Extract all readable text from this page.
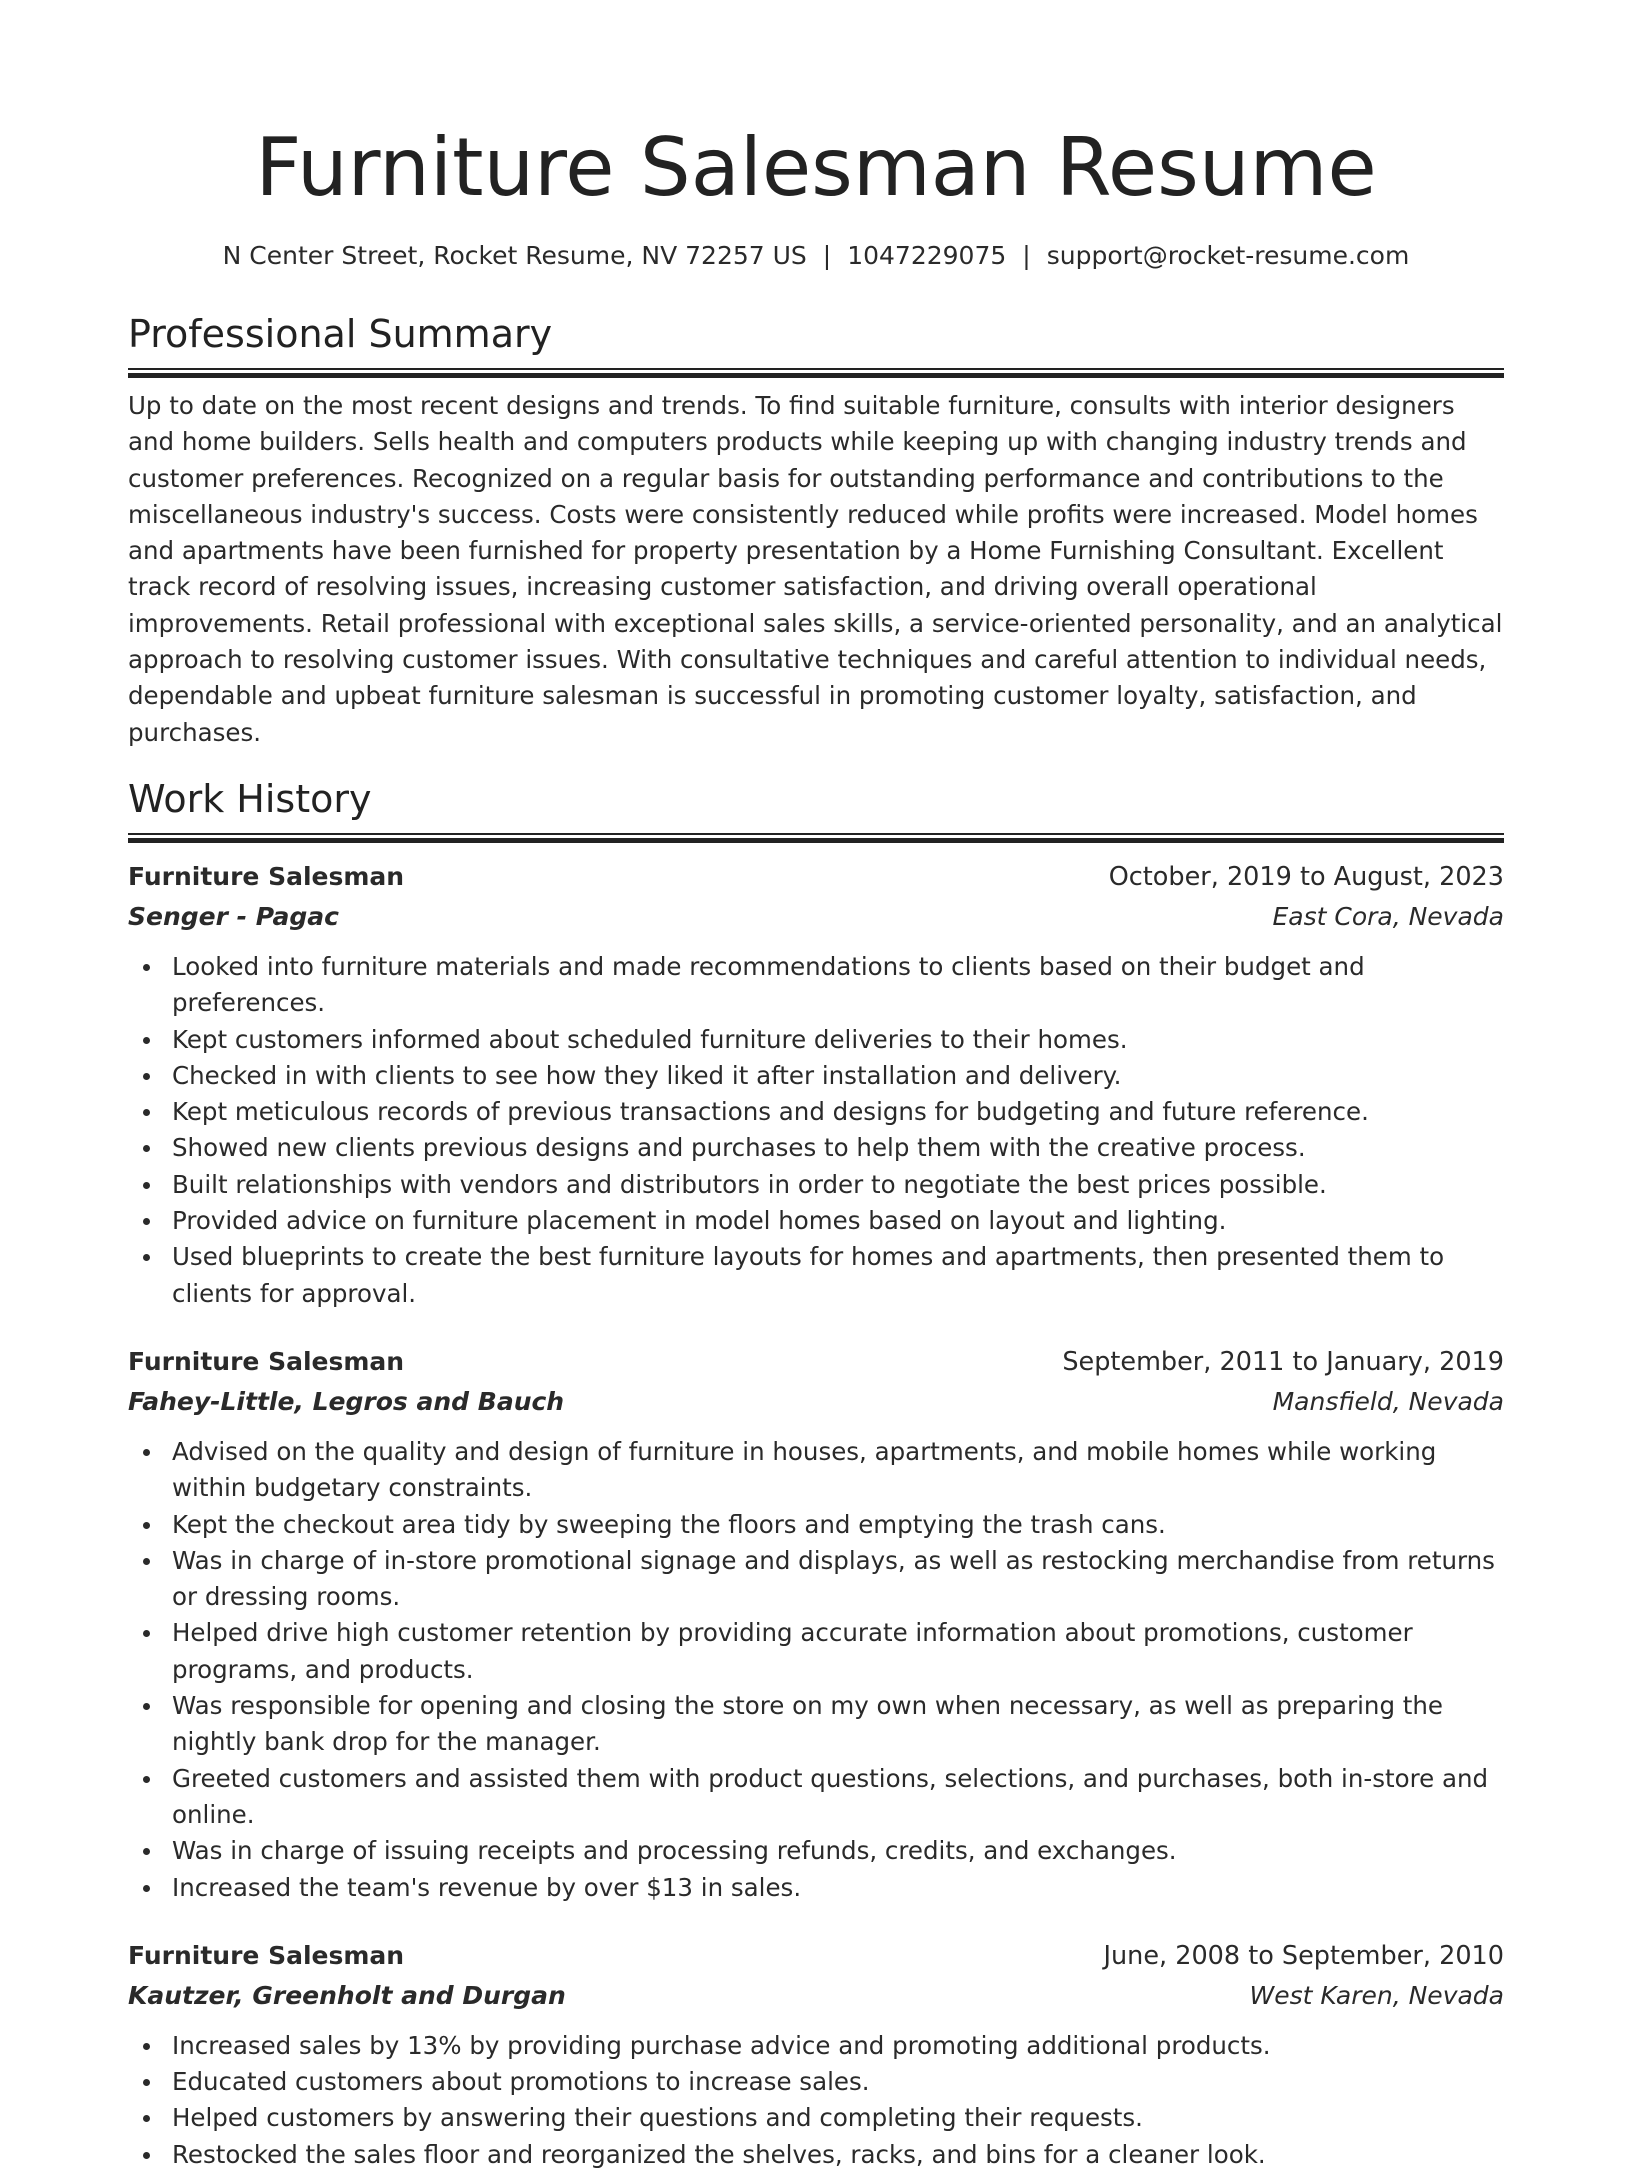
Furniture Salesman Resume
N Center Street, Rocket Resume, NV 72257 US | 1047229075 | support@rocket-resume.com
Professional Summary

Up to date on the most recent designs and trends. To find suitable furniture, consults with interior designers and home builders. Sells health and computers products while keeping up with changing industry trends and customer preferences. Recognized on a regular basis for outstanding performance and contributions to the miscellaneous industry's success. Costs were consistently reduced while profits were increased. Model homes and apartments have been furnished for property presentation by a Home Furnishing Consultant. Excellent track record of resolving issues, increasing customer satisfaction, and driving overall operational improvements. Retail professional with exceptional sales skills, a service-oriented personality, and an analytical approach to resolving customer issues. With consultative techniques and careful attention to individual needs, dependable and upbeat furniture salesman is successful in promoting customer loyalty, satisfaction, and purchases.

Work History
Furniture Salesman	October, 2019 to August, 2023
Senger - Pagac	East Cora, Nevada
Looked into furniture materials and made recommendations to clients based on their budget and preferences.
Kept customers informed about scheduled furniture deliveries to their homes.
Checked in with clients to see how they liked it after installation and delivery.
Kept meticulous records of previous transactions and designs for budgeting and future reference.
Showed new clients previous designs and purchases to help them with the creative process.
Built relationships with vendors and distributors in order to negotiate the best prices possible.
Provided advice on furniture placement in model homes based on layout and lighting.
Used blueprints to create the best furniture layouts for homes and apartments, then presented them to clients for approval.
Furniture Salesman	September, 2011 to January, 2019
Fahey-Little, Legros and Bauch	Mansfield, Nevada
Advised on the quality and design of furniture in houses, apartments, and mobile homes while working within budgetary constraints.
Kept the checkout area tidy by sweeping the floors and emptying the trash cans.
Was in charge of in-store promotional signage and displays, as well as restocking merchandise from returns or dressing rooms.
Helped drive high customer retention by providing accurate information about promotions, customer programs, and products.
Was responsible for opening and closing the store on my own when necessary, as well as preparing the nightly bank drop for the manager.
Greeted customers and assisted them with product questions, selections, and purchases, both in-store and online.
Was in charge of issuing receipts and processing refunds, credits, and exchanges.
Increased the team's revenue by over $13 in sales.
Furniture Salesman	June, 2008 to September, 2010
Kautzer, Greenholt and Durgan	West Karen, Nevada
Increased sales by 13% by providing purchase advice and promoting additional products.
Educated customers about promotions to increase sales.
Helped customers by answering their questions and completing their requests.
Restocked the sales floor and reorganized the shelves, racks, and bins for a cleaner look.
